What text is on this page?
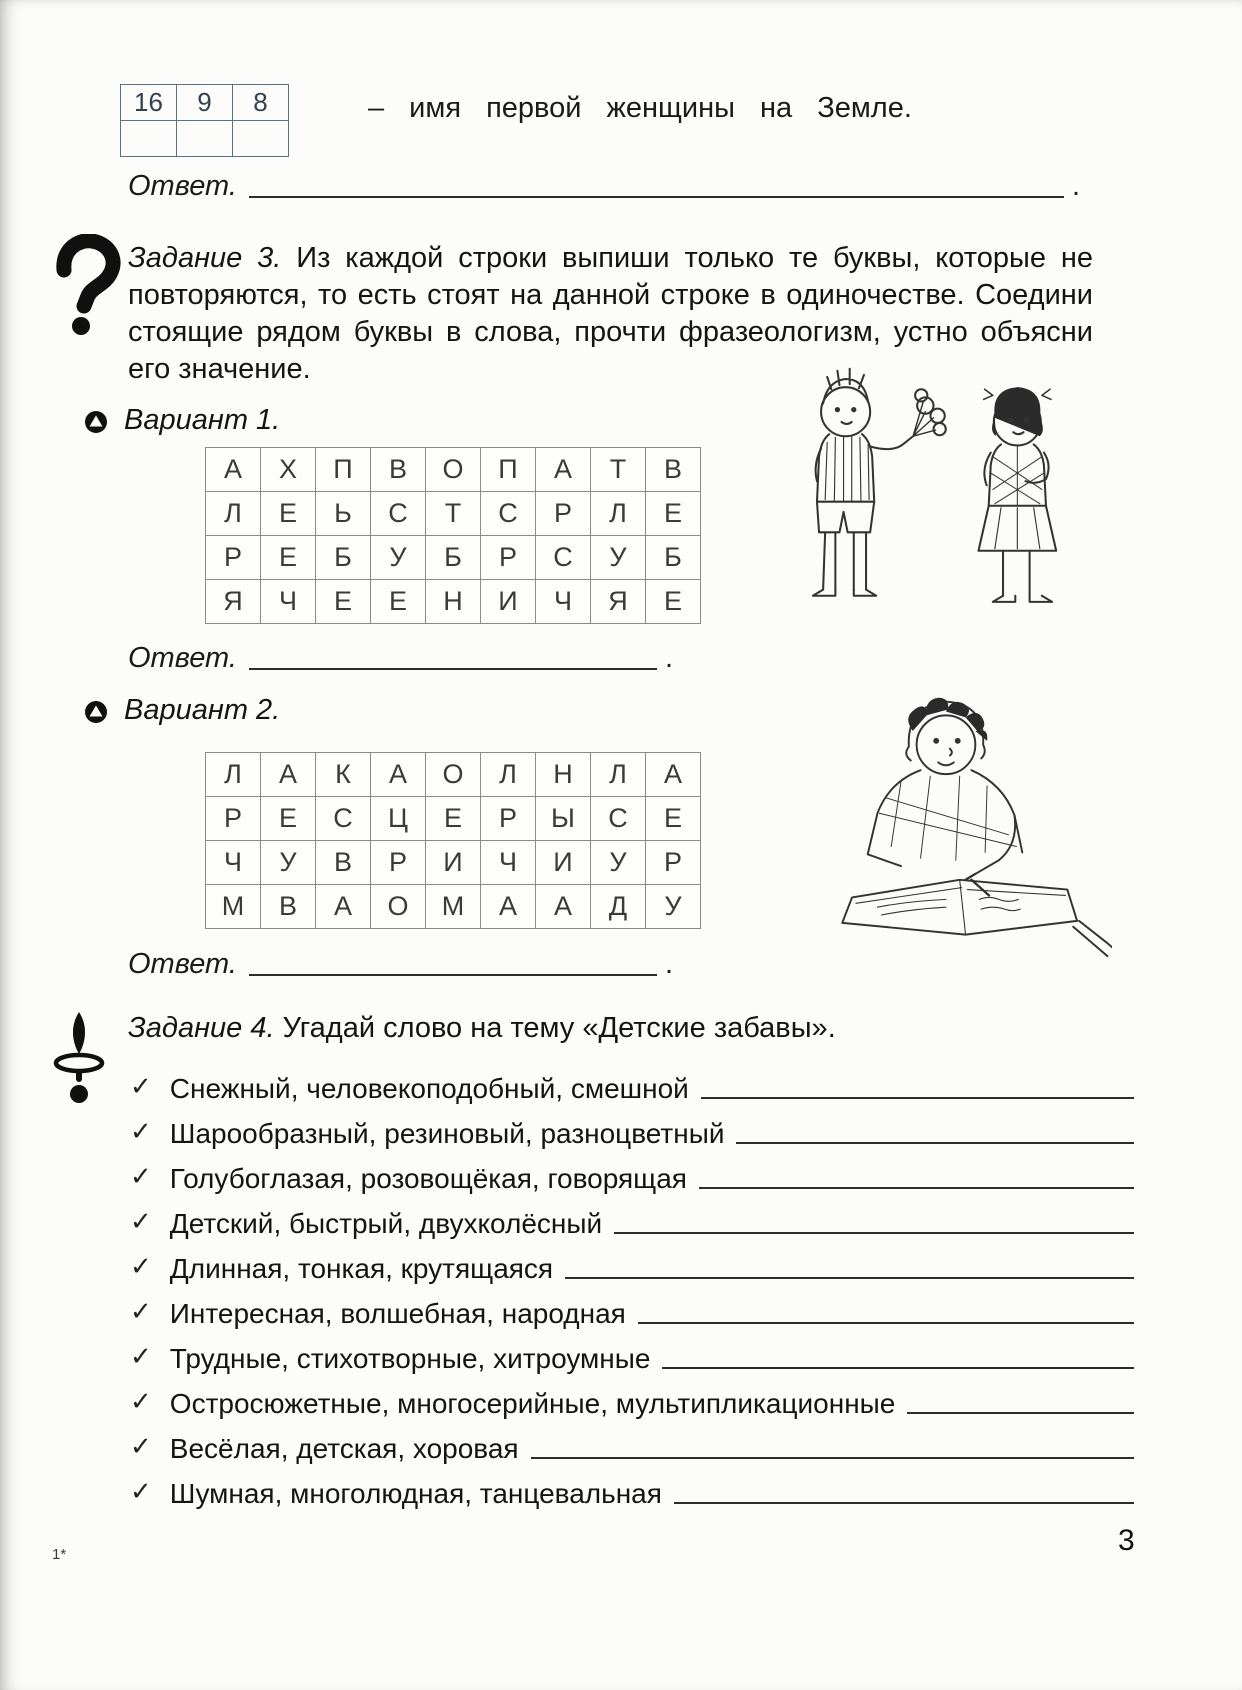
16	9	8
			– имя первой женщины на Земле.
Ответ.	.

Задание 3. Из каждой строки выпиши только те буквы, которые не повторяются, то есть стоят на данной строке в одиночестве. Соедини стоящие рядом буквы в слова, прочти фразеологизм, устно объясни его значение.

Вариант 1.
А	Х	П	В	О	П	А	Т	В
Л	Е	Ь	С	Т	С	Р	Л	Е
Р	Е	Б	У	Б	Р	С	У	Б
Я	Ч	Е	Е	Н	И	Ч	Я	Е
Ответ.	.
Вариант 2.
Л	А	К	А	О	Л	Н	Л	А
Р	Е	С	Ц	Е	Р	Ы	С	Е
Ч	У	В	Р	И	Ч	И	У	Р
М	В	А	О	М	А	А	Д	У
Ответ.	.

Задание 4. Угадай слово на тему «Детские забавы».

✓ Снежный, человекоподобный, смешной
✓ Шарообразный, резиновый, разноцветный
✓ Голубоглазая, розовощёкая, говорящая
✓ Детский, быстрый, двухколёсный
✓ Длинная, тонкая, крутящаяся
✓ Интересная, волшебная, народная
✓ Трудные, стихотворные, хитроумные
✓ Остросюжетные, многосерийные, мультипликационные
✓ Весёлая, детская, хоровая
✓ Шумная, многолюдная, танцевальная
1*	3
